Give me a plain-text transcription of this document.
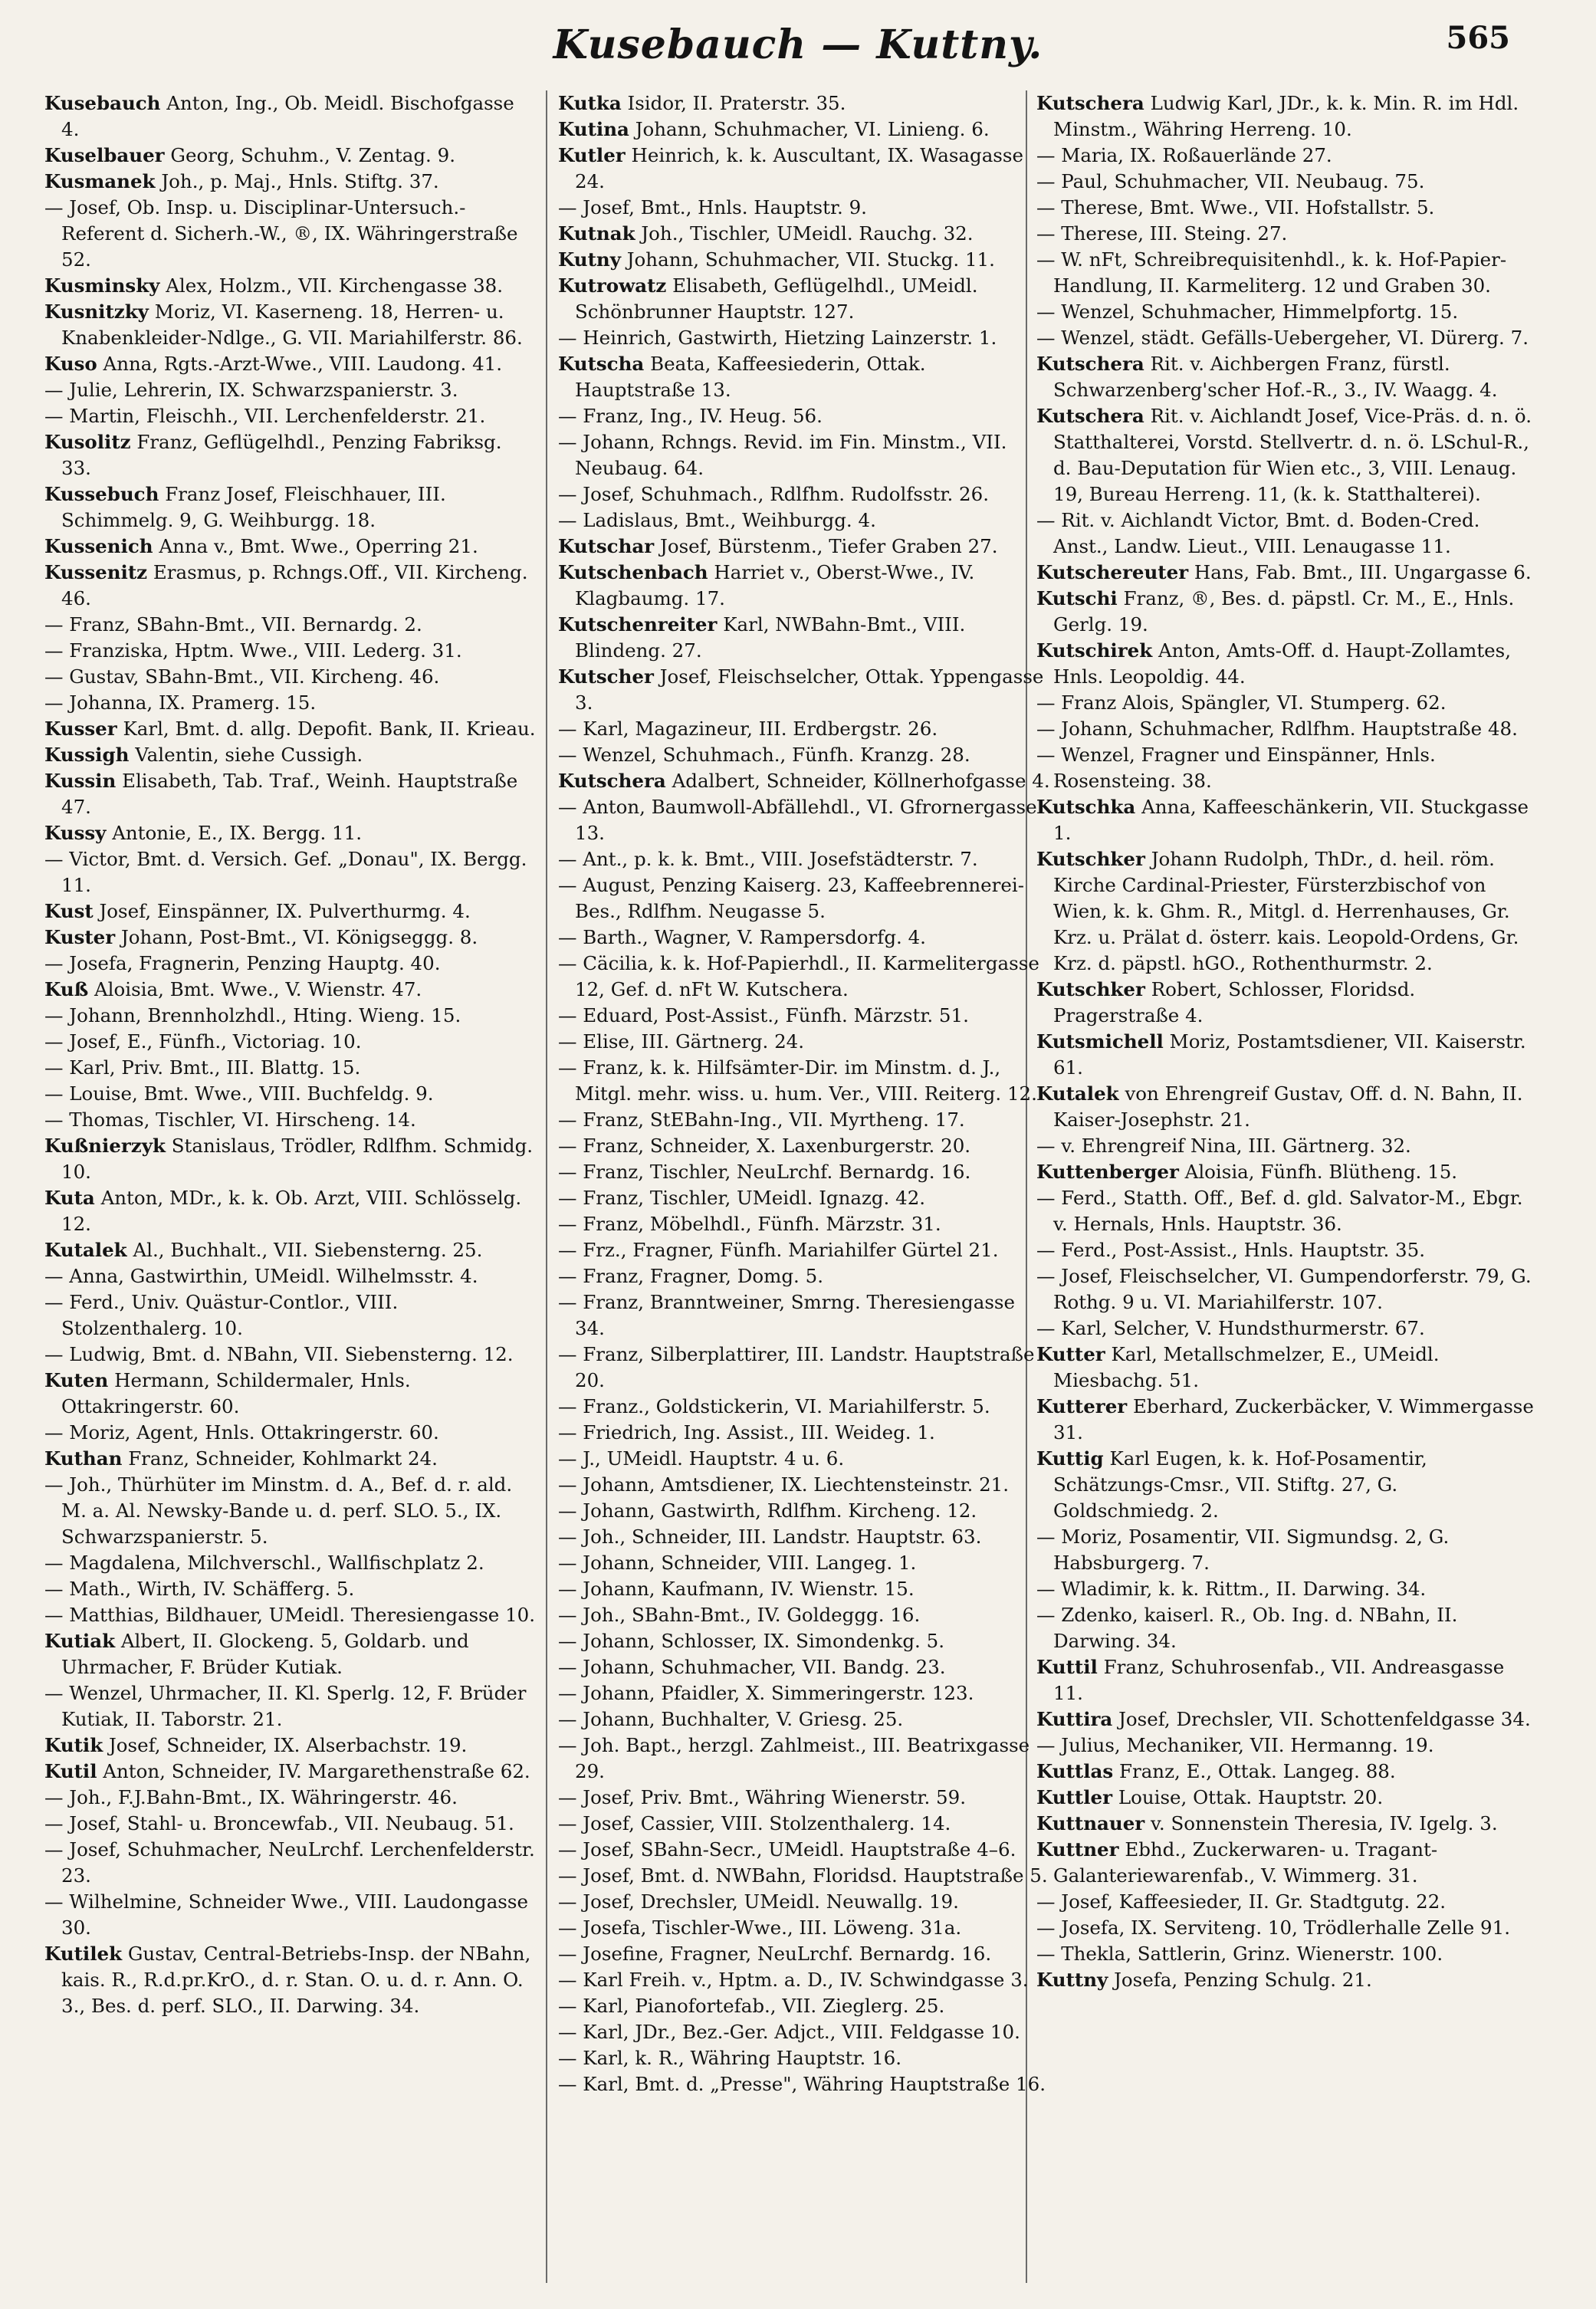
Kusebauch — Kuttny.	565
Kusebauch Anton, Ing., Ob. Meidl. Bischofgasse 4.
Kuselbauer Georg, Schuhm., V. Zentag. 9.
Kusmanek Joh., p. Maj., Hnls. Stiftg. 37.
— Josef, Ob. Insp. u. Disciplinar-Untersuch.-Referent d. Sicherh.-W., ®, IX. Währingerstraße 52.
Kusminsky Alex, Holzm., VII. Kirchengasse 38.
Kusnitzky Moriz, VI. Kaserneng. 18, Herren- u. Knabenkleider-Ndlge., G. VII. Mariahilferstr. 86.
Kuso Anna, Rgts.-Arzt-Wwe., VIII. Laudong. 41.
— Julie, Lehrerin, IX. Schwarzspanierstr. 3.
— Martin, Fleischh., VII. Lerchenfelderstr. 21.
Kusolitz Franz, Geflügelhdl., Penzing Fabriksg. 33.
Kussebuch Franz Josef, Fleischhauer, III. Schimmelg. 9, G. Weihburgg. 18.
Kussenich Anna v., Bmt. Wwe., Operring 21.
Kussenitz Erasmus, p. Rchngs.Off., VII. Kircheng. 46.
— Franz, SBahn-Bmt., VII. Bernardg. 2.
— Franziska, Hptm. Wwe., VIII. Lederg. 31.
— Gustav, SBahn-Bmt., VII. Kircheng. 46.
— Johanna, IX. Pramerg. 15.
Kusser Karl, Bmt. d. allg. Depofit. Bank, II. Krieau.
Kussigh Valentin, siehe Cussigh.
Kussin Elisabeth, Tab. Traf., Weinh. Hauptstraße 47.
Kussy Antonie, E., IX. Bergg. 11.
— Victor, Bmt. d. Versich. Gef. „Donau", IX. Bergg. 11.
Kust Josef, Einspänner, IX. Pulverthurmg. 4.
Kuster Johann, Post-Bmt., VI. Königseggg. 8.
— Josefa, Fragnerin, Penzing Hauptg. 40.
Kuß Aloisia, Bmt. Wwe., V. Wienstr. 47.
— Johann, Brennholzhdl., Hting. Wieng. 15.
— Josef, E., Fünfh., Victoriag. 10.
— Karl, Priv. Bmt., III. Blattg. 15.
— Louise, Bmt. Wwe., VIII. Buchfeldg. 9.
— Thomas, Tischler, VI. Hirscheng. 14.
Kußnierzyk Stanislaus, Trödler, Rdlfhm. Schmidg. 10.
Kuta Anton, MDr., k. k. Ob. Arzt, VIII. Schlösselg. 12.
Kutalek Al., Buchhalt., VII. Siebensterng. 25.
— Anna, Gastwirthin, UMeidl. Wilhelmsstr. 4.
— Ferd., Univ. Quästur-Contlor., VIII. Stolzenthalerg. 10.
— Ludwig, Bmt. d. NBahn, VII. Siebensterng. 12.
Kuten Hermann, Schildermaler, Hnls. Ottakringerstr. 60.
— Moriz, Agent, Hnls. Ottakringerstr. 60.
Kuthan Franz, Schneider, Kohlmarkt 24.
— Joh., Thürhüter im Minstm. d. A., Bef. d. r. ald. M. a. Al. Newsky-Bande u. d. perf. SLO. 5., IX. Schwarzspanierstr. 5.
— Magdalena, Milchverschl., Wallfischplatz 2.
— Math., Wirth, IV. Schäfferg. 5.
— Matthias, Bildhauer, UMeidl. Theresiengasse 10.
Kutiak Albert, II. Glockeng. 5, Goldarb. und Uhrmacher, F. Brüder Kutiak.
— Wenzel, Uhrmacher, II. Kl. Sperlg. 12, F. Brüder Kutiak, II. Taborstr. 21.
Kutik Josef, Schneider, IX. Alserbachstr. 19.
Kutil Anton, Schneider, IV. Margarethenstraße 62.
— Joh., F.J.Bahn-Bmt., IX. Währingerstr. 46.
— Josef, Stahl- u. Broncewfab., VII. Neubaug. 51.
— Josef, Schuhmacher, NeuLrchf. Lerchenfelderstr. 23.
— Wilhelmine, Schneider Wwe., VIII. Laudongasse 30.
Kutilek Gustav, Central-Betriebs-Insp. der NBahn, kais. R., R.d.pr.KrO., d. r. Stan. O. u. d. r. Ann. O. 3., Bes. d. perf. SLO., II. Darwing. 34.
Kutka Isidor, II. Praterstr. 35.
Kutina Johann, Schuhmacher, VI. Linieng. 6.
Kutler Heinrich, k. k. Auscultant, IX. Wasagasse 24.
— Josef, Bmt., Hnls. Hauptstr. 9.
Kutnak Joh., Tischler, UMeidl. Rauchg. 32.
Kutny Johann, Schuhmacher, VII. Stuckg. 11.
Kutrowatz Elisabeth, Geflügelhdl., UMeidl. Schönbrunner Hauptstr. 127.
— Heinrich, Gastwirth, Hietzing Lainzerstr. 1.
Kutscha Beata, Kaffeesiederin, Ottak. Hauptstraße 13.
— Franz, Ing., IV. Heug. 56.
— Johann, Rchngs. Revid. im Fin. Minstm., VII. Neubaug. 64.
— Josef, Schuhmach., Rdlfhm. Rudolfsstr. 26.
— Ladislaus, Bmt., Weihburgg. 4.
Kutschar Josef, Bürstenm., Tiefer Graben 27.
Kutschenbach Harriet v., Oberst-Wwe., IV. Klagbaumg. 17.
Kutschenreiter Karl, NWBahn-Bmt., VIII. Blindeng. 27.
Kutscher Josef, Fleischselcher, Ottak. Yppengasse 3.
— Karl, Magazineur, III. Erdbergstr. 26.
— Wenzel, Schuhmach., Fünfh. Kranzg. 28.
Kutschera Adalbert, Schneider, Köllnerhofgasse 4.
— Anton, Baumwoll-Abfällehdl., VI. Gfrornergasse 13.
— Ant., p. k. k. Bmt., VIII. Josefstädterstr. 7.
— August, Penzing Kaiserg. 23, Kaffeebrennerei-Bes., Rdlfhm. Neugasse 5.
— Barth., Wagner, V. Rampersdorfg. 4.
— Cäcilia, k. k. Hof-Papierhdl., II. Karmelitergasse 12, Gef. d. nFt W. Kutschera.
— Eduard, Post-Assist., Fünfh. Märzstr. 51.
— Elise, III. Gärtnerg. 24.
— Franz, k. k. Hilfsämter-Dir. im Minstm. d. J., Mitgl. mehr. wiss. u. hum. Ver., VIII. Reiterg. 12.
— Franz, StEBahn-Ing., VII. Myrtheng. 17.
— Franz, Schneider, X. Laxenburgerstr. 20.
— Franz, Tischler, NeuLrchf. Bernardg. 16.
— Franz, Tischler, UMeidl. Ignazg. 42.
— Franz, Möbelhdl., Fünfh. Märzstr. 31.
— Frz., Fragner, Fünfh. Mariahilfer Gürtel 21.
— Franz, Fragner, Domg. 5.
— Franz, Branntweiner, Smrng. Theresiengasse 34.
— Franz, Silberplattirer, III. Landstr. Hauptstraße 20.
— Franz., Goldstickerin, VI. Mariahilferstr. 5.
— Friedrich, Ing. Assist., III. Weideg. 1.
— J., UMeidl. Hauptstr. 4 u. 6.
— Johann, Amtsdiener, IX. Liechtensteinstr. 21.
— Johann, Gastwirth, Rdlfhm. Kircheng. 12.
— Joh., Schneider, III. Landstr. Hauptstr. 63.
— Johann, Schneider, VIII. Langeg. 1.
— Johann, Kaufmann, IV. Wienstr. 15.
— Joh., SBahn-Bmt., IV. Goldeggg. 16.
— Johann, Schlosser, IX. Simondenkg. 5.
— Johann, Schuhmacher, VII. Bandg. 23.
— Johann, Pfaidler, X. Simmeringerstr. 123.
— Johann, Buchhalter, V. Griesg. 25.
— Joh. Bapt., herzgl. Zahlmeist., III. Beatrixgasse 29.
— Josef, Priv. Bmt., Währing Wienerstr. 59.
— Josef, Cassier, VIII. Stolzenthalerg. 14.
— Josef, SBahn-Secr., UMeidl. Hauptstraße 4–6.
— Josef, Bmt. d. NWBahn, Floridsd. Hauptstraße 5.
— Josef, Drechsler, UMeidl. Neuwallg. 19.
— Josefa, Tischler-Wwe., III. Löweng. 31a.
— Josefine, Fragner, NeuLrchf. Bernardg. 16.
— Karl Freih. v., Hptm. a. D., IV. Schwindgasse 3.
— Karl, Pianofortefab., VII. Zieglerg. 25.
— Karl, JDr., Bez.-Ger. Adjct., VIII. Feldgasse 10.
— Karl, k. R., Währing Hauptstr. 16.
— Karl, Bmt. d. „Presse", Währing Hauptstraße 16.
Kutschera Ludwig Karl, JDr., k. k. Min. R. im Hdl. Minstm., Währing Herreng. 10.
— Maria, IX. Roßauerlände 27.
— Paul, Schuhmacher, VII. Neubaug. 75.
— Therese, Bmt. Wwe., VII. Hofstallstr. 5.
— Therese, III. Steing. 27.
— W. nFt, Schreibrequisitenhdl., k. k. Hof-Papier-Handlung, II. Karmeliterg. 12 und Graben 30.
— Wenzel, Schuhmacher, Himmelpfortg. 15.
— Wenzel, städt. Gefälls-Uebergeher, VI. Dürerg. 7.
Kutschera Rit. v. Aichbergen Franz, fürstl. Schwarzenberg'scher Hof.-R., 3., IV. Waagg. 4.
Kutschera Rit. v. Aichlandt Josef, Vice-Präs. d. n. ö. Statthalterei, Vorstd. Stellvertr. d. n. ö. LSchul-R., d. Bau-Deputation für Wien etc., 3, VIII. Lenaug. 19, Bureau Herreng. 11, (k. k. Statthalterei).
— Rit. v. Aichlandt Victor, Bmt. d. Boden-Cred. Anst., Landw. Lieut., VIII. Lenaugasse 11.
Kutschereuter Hans, Fab. Bmt., III. Ungargasse 6.
Kutschi Franz, ®, Bes. d. päpstl. Cr. M., E., Hnls. Gerlg. 19.
Kutschirek Anton, Amts-Off. d. Haupt-Zollamtes, Hnls. Leopoldig. 44.
— Franz Alois, Spängler, VI. Stumperg. 62.
— Johann, Schuhmacher, Rdlfhm. Hauptstraße 48.
— Wenzel, Fragner und Einspänner, Hnls. Rosensteing. 38.
Kutschka Anna, Kaffeeschänkerin, VII. Stuckgasse 1.
Kutschker Johann Rudolph, ThDr., d. heil. röm. Kirche Cardinal-Priester, Fürsterzbischof von Wien, k. k. Ghm. R., Mitgl. d. Herrenhauses, Gr. Krz. u. Prälat d. österr. kais. Leopold-Ordens, Gr. Krz. d. päpstl. hGO., Rothenthurmstr. 2.
Kutschker Robert, Schlosser, Floridsd. Pragerstraße 4.
Kutsmichell Moriz, Postamtsdiener, VII. Kaiserstr. 61.
Kutalek von Ehrengreif Gustav, Off. d. N. Bahn, II. Kaiser-Josephstr. 21.
— v. Ehrengreif Nina, III. Gärtnerg. 32.
Kuttenberger Aloisia, Fünfh. Blütheng. 15.
— Ferd., Statth. Off., Bef. d. gld. Salvator-M., Ebgr. v. Hernals, Hnls. Hauptstr. 36.
— Ferd., Post-Assist., Hnls. Hauptstr. 35.
— Josef, Fleischselcher, VI. Gumpendorferstr. 79, G. Rothg. 9 u. VI. Mariahilferstr. 107.
— Karl, Selcher, V. Hundsthurmerstr. 67.
Kutter Karl, Metallschmelzer, E., UMeidl. Miesbachg. 51.
Kutterer Eberhard, Zuckerbäcker, V. Wimmergasse 31.
Kuttig Karl Eugen, k. k. Hof-Posamentir, Schätzungs-Cmsr., VII. Stiftg. 27, G. Goldschmiedg. 2.
— Moriz, Posamentir, VII. Sigmundsg. 2, G. Habsburgerg. 7.
— Wladimir, k. k. Rittm., II. Darwing. 34.
— Zdenko, kaiserl. R., Ob. Ing. d. NBahn, II. Darwing. 34.
Kuttil Franz, Schuhrosenfab., VII. Andreasgasse 11.
Kuttira Josef, Drechsler, VII. Schottenfeldgasse 34.
— Julius, Mechaniker, VII. Hermanng. 19.
Kuttlas Franz, E., Ottak. Langeg. 88.
Kuttler Louise, Ottak. Hauptstr. 20.
Kuttnauer v. Sonnenstein Theresia, IV. Igelg. 3.
Kuttner Ebhd., Zuckerwaren- u. Tragant-Galanteriewarenfab., V. Wimmerg. 31.
— Josef, Kaffeesieder, II. Gr. Stadtgutg. 22.
— Josefa, IX. Serviteng. 10, Trödlerhalle Zelle 91.
— Thekla, Sattlerin, Grinz. Wienerstr. 100.
Kuttny Josefa, Penzing Schulg. 21.
